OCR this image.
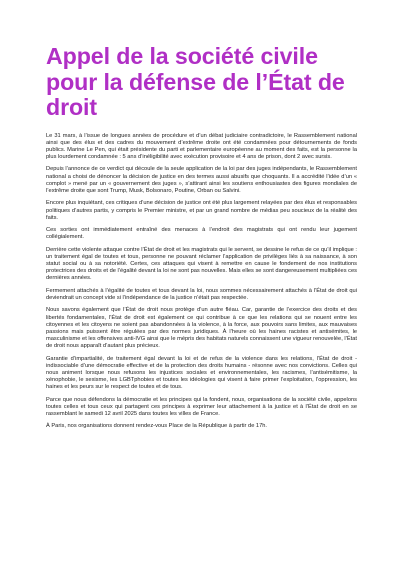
Appel de la société civile
pour la défense de l’État de
droit

Le 31 mars, à l’issue de longues années de procédure et d’un débat judiciaire contradictoire, le Rassemblement national ainsi que des élus et des cadres du mouvement d’extrême droite ont été condamnées pour détournements de fonds publics. Marine Le Pen, qui était présidente du parti et parlementaire européenne au moment des faits, est la personne la plus lourdement condamnée : 5 ans d’inéligibilité avec exécution provisoire et 4 ans de prison, dont 2 avec sursis.

Depuis l’annonce de ce verdict qui découle de la seule application de la loi par des juges indépendants, le Rassemblement national a choisi de dénoncer la décision de justice en des termes aussi abusifs que choquants. Il a accrédité l’idée d’un « complot » mené par un « gouvernement des juges », s’attirant ainsi les soutiens enthousiastes des figures mondiales de l’extrême droite que sont Trump, Musk, Bolsonaro, Poutine, Orban ou Salvini.

Encore plus inquiétant, ces critiques d’une décision de justice ont été plus largement relayées par des élus et responsables politiques d’autres partis, y compris le Premier ministre, et par un grand nombre de médias peu soucieux de la réalité des faits.

Ces sorties ont immédiatement entraîné des menaces à l’endroit des magistrats qui ont rendu leur jugement collégialement.

Derrière cette violente attaque contre l’État de droit et les magistrats qui le servent, se dessine le refus de ce qu’il implique : un traitement égal de toutes et tous, personne ne pouvant réclamer l’application de privilèges liés à sa naissance, à son statut social ou à sa notoriété. Certes, ces attaques qui visent à remettre en cause le fondement de nos institutions protectrices des droits et de l’égalité devant la loi ne sont pas nouvelles. Mais elles se sont dangereusement multipliées ces dernières années.

Fermement attachés à l’égalité de toutes et tous devant la loi, nous sommes nécessairement attachés à l’État de droit qui deviendrait un concept vide si l’indépendance de la justice n’était pas respectée.

Nous savons également que l’État de droit nous protège d’un autre fléau. Car, garantie de l’exercice des droits et des libertés fondamentales, l’État de droit est également ce qui contribue à ce que les relations qui se nouent entre les citoyennes et les citoyens ne soient pas abandonnées à la violence, à la force, aux pouvoirs sans limites, aux mauvaises passions mais puissent être régulées par des normes juridiques. À l’heure où les haines racistes et antisémites, le masculinisme et les offensives anti-IVG ainsi que le mépris des habitats naturels connaissent une vigueur renouvelée, l’État de droit nous apparaît d’autant plus précieux.

Garantie d’impartialité, de traitement égal devant la loi et de refus de la violence dans les relations, l’État de droit - indissociable d’une démocratie effective et de la protection des droits humains - résonne avec nos convictions. Celles qui nous animent lorsque nous refusons les injustices sociales et environnementales, les racismes, l’antisémitisme, la xénophobie, le sexisme, les LGBTphobies et toutes les idéologies qui visent à faire primer l’exploitation, l’oppression, les haines et les peurs sur le respect de toutes et de tous.

Parce que nous défendons la démocratie et les principes qui la fondent, nous, organisations de la société civile, appelons toutes celles et tous ceux qui partagent ces principes à exprimer leur attachement à la justice et à l’État de droit en se rassemblant le samedi 12 avril 2025 dans toutes les villes de France.

À Paris, nos organisations donnent rendez-vous Place de la République à partir de 17h.
